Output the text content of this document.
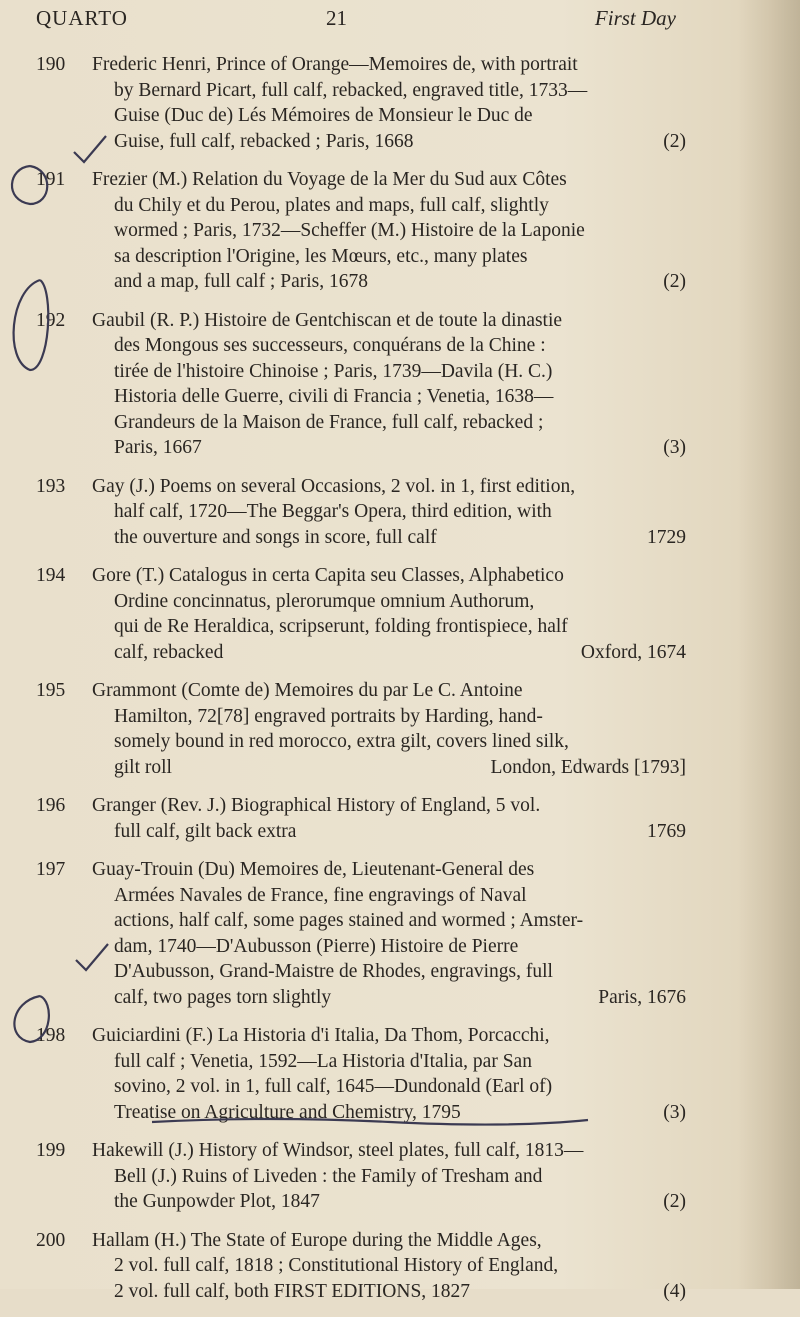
QUARTO	21	First Day
190	Frederic Henri, Prince of Orange—Memoires de, with portrait
by Bernard Picart, full calf, rebacked, engraved title, 1733—
Guise (Duc de) Lés Mémoires de Monsieur le Duc de
Guise, full calf, rebacked ; Paris, 1668	(2)
191	Frezier (M.) Relation du Voyage de la Mer du Sud aux Côtes
du Chily et du Perou, plates and maps, full calf, slightly
wormed ; Paris, 1732—Scheffer (M.) Histoire de la Laponie
sa description l'Origine, les Mœurs, etc., many plates
and a map, full calf ; Paris, 1678	(2)
192	Gaubil (R. P.) Histoire de Gentchiscan et de toute la dinastie
des Mongous ses successeurs, conquérans de la Chine :
tirée de l'histoire Chinoise ; Paris, 1739—Davila (H. C.)
Historia delle Guerre, civili di Francia ; Venetia, 1638—
Grandeurs de la Maison de France, full calf, rebacked ;
Paris, 1667	(3)
193	Gay (J.) Poems on several Occasions, 2 vol. in 1, first edition,
half calf, 1720—The Beggar's Opera, third edition, with
the ouverture and songs in score, full calf	1729
194	Gore (T.) Catalogus in certa Capita seu Classes, Alphabetico
Ordine concinnatus, plerorumque omnium Authorum,
qui de Re Heraldica, scripserunt, folding frontispiece, half
calf, rebacked	Oxford, 1674
195	Grammont (Comte de) Memoires du par Le C. Antoine
Hamilton, 72[78] engraved portraits by Harding, hand-
somely bound in red morocco, extra gilt, covers lined silk,
gilt roll	London, Edwards [1793]
196	Granger (Rev. J.) Biographical History of England, 5 vol.
full calf, gilt back extra	1769
197	Guay-Trouin (Du) Memoires de, Lieutenant-General des
Armées Navales de France, fine engravings of Naval
actions, half calf, some pages stained and wormed ; Amster-
dam, 1740—D'Aubusson (Pierre) Histoire de Pierre
D'Aubusson, Grand-Maistre de Rhodes, engravings, full
calf, two pages torn slightly	Paris, 1676
198	Guiciardini (F.) La Historia d'i Italia, Da Thom, Porcacchi,
full calf ; Venetia, 1592—La Historia d'Italia, par San
sovino, 2 vol. in 1, full calf, 1645—Dundonald (Earl of)
Treatise on Agriculture and Chemistry, 1795	(3)
199	Hakewill (J.) History of Windsor, steel plates, full calf, 1813—
Bell (J.) Ruins of Liveden : the Family of Tresham and
the Gunpowder Plot, 1847	(2)
200	Hallam (H.) The State of Europe during the Middle Ages,
2 vol. full calf, 1818 ; Constitutional History of England,
2 vol. full calf, both FIRST EDITIONS, 1827	(4)
